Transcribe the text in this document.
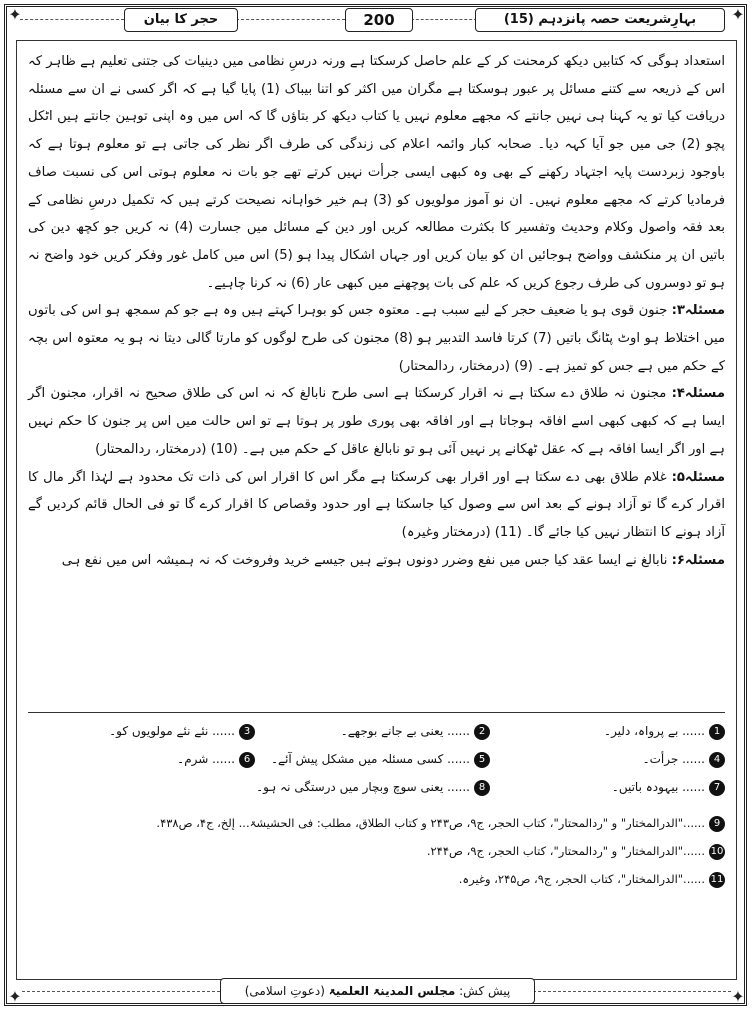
✦	✦
✦	✦
بہارِشریعت حصہ پانزدہم (15)
200
حجر کا بیان

استعداد ہوگی کہ کتابیں دیکھ کرمحنت کر کے علم حاصل کرسکتا ہے ورنہ درسِ نظامی میں دینیات کی جتنی تعلیم ہے ظاہر کہ اس کے ذریعہ سے کتنے مسائل پر عبور ہوسکتا ہے مگران میں اکثر کو اتنا بیباک (1) پایا گیا ہے کہ اگر کسی نے ان سے مسئلہ دریافت کیا تو یہ کہنا ہی نہیں جانتے کہ مجھے معلوم نہیں یا کتاب دیکھ کر بتاؤں گا کہ اس میں وہ اپنی توہین جانتے ہیں اٹکل پچو (2) جی میں جو آیا کہہ دیا۔ صحابہ کبار وائمہ اعلام کی زندگی کی طرف اگر نظر کی جاتی ہے تو معلوم ہوتا ہے کہ باوجود زبردست پایہ اجتہاد رکھنے کے بھی وہ کبھی ایسی جرأت نہیں کرتے تھے جو بات نہ معلوم ہوتی اس کی نسبت صاف فرمادیا کرتے کہ مجھے معلوم نہیں۔ ان نو آموز مولویوں کو (3) ہم خیر خواہانہ نصیحت کرتے ہیں کہ تکمیل درسِ نظامی کے بعد فقہ واصول وکلام وحدیث وتفسیر کا بکثرت مطالعہ کریں اور دین کے مسائل میں جسارت (4) نہ کریں جو کچھ دین کی باتیں ان پر منکشف وواضح ہوجائیں ان کو بیان کریں اور جہاں اشکال پیدا ہو (5) اس میں کامل غور وفکر کریں خود واضح نہ ہو تو دوسروں کی طرف رجوع کریں کہ علم کی بات پوچھنے میں کبھی عار (6) نہ کرنا چاہیے۔

مسئلہ۳: جنون قوی ہو یا ضعیف حجر کے لیے سبب ہے۔ معتوہ جس کو بوہرا کہتے ہیں وہ ہے جو کم سمجھ ہو اس کی باتوں میں اختلاط ہو اوٹ پٹانگ باتیں (7) کرتا فاسد التدبیر ہو (8) مجنون کی طرح لوگوں کو مارتا گالی دیتا نہ ہو یہ معتوہ اس بچہ کے حکم میں ہے جس کو تمیز ہے۔ (9) (درمختار، ردالمحتار)

مسئلہ۴: مجنون نہ طلاق دے سکتا ہے نہ اقرار کرسکتا ہے اسی طرح نابالغ کہ نہ اس کی طلاق صحیح نہ اقرار، مجنون اگر ایسا ہے کہ کبھی کبھی اسے افاقہ ہوجاتا ہے اور افاقہ بھی پوری طور پر ہوتا ہے تو اس حالت میں اس پر جنون کا حکم نہیں ہے اور اگر ایسا افاقہ ہے کہ عقل ٹھکانے پر نہیں آئی ہو تو نابالغ عاقل کے حکم میں ہے۔ (10) (درمختار، ردالمحتار)

مسئلہ۵: غلام طلاق بھی دے سکتا ہے اور اقرار بھی کرسکتا ہے مگر اس کا اقرار اس کی ذات تک محدود ہے لہٰذا اگر مال کا اقرار کرے گا تو آزاد ہونے کے بعد اس سے وصول کیا جاسکتا ہے اور حدود وقصاص کا اقرار کرے گا تو فی الحال قائم کردیں گے آزاد ہونے کا انتظار نہیں کیا جائے گا۔ (11) (درمختار وغیرہ)

مسئلہ۶: نابالغ نے ایسا عقد کیا جس میں نفع وضرر دونوں ہوتے ہیں جیسے خرید وفروخت کہ نہ ہمیشہ اس میں نفع ہی

1...... بے پرواہ، دلیر۔
2...... یعنی بے جانے بوجھے۔
3...... نئے نئے مولویوں کو۔
4...... جرأت۔
5...... کسی مسئلہ میں مشکل پیش آئے۔
6...... شرم۔
7...... بیہودہ باتیں۔
8...... یعنی سوچ وبچار میں درستگی نہ ہو۔
9......"الدرالمختار" و "ردالمحتار"، کتاب الحجر، ج۹، ص۲۴۳ و کتاب الطلاق، مطلب: فی الحشیشۃ... إلخ، ج۴، ص۴۳۸.
10......"الدرالمختار" و "ردالمحتار"، کتاب الحجر، ج۹، ص۲۴۴.
11......"الدرالمختار"، کتاب الحجر، ج۹، ص۲۴۵، وغیرہ.
پیش کش: مجلس المدینۃ العلمیۃ (دعوتِ اسلامی)
